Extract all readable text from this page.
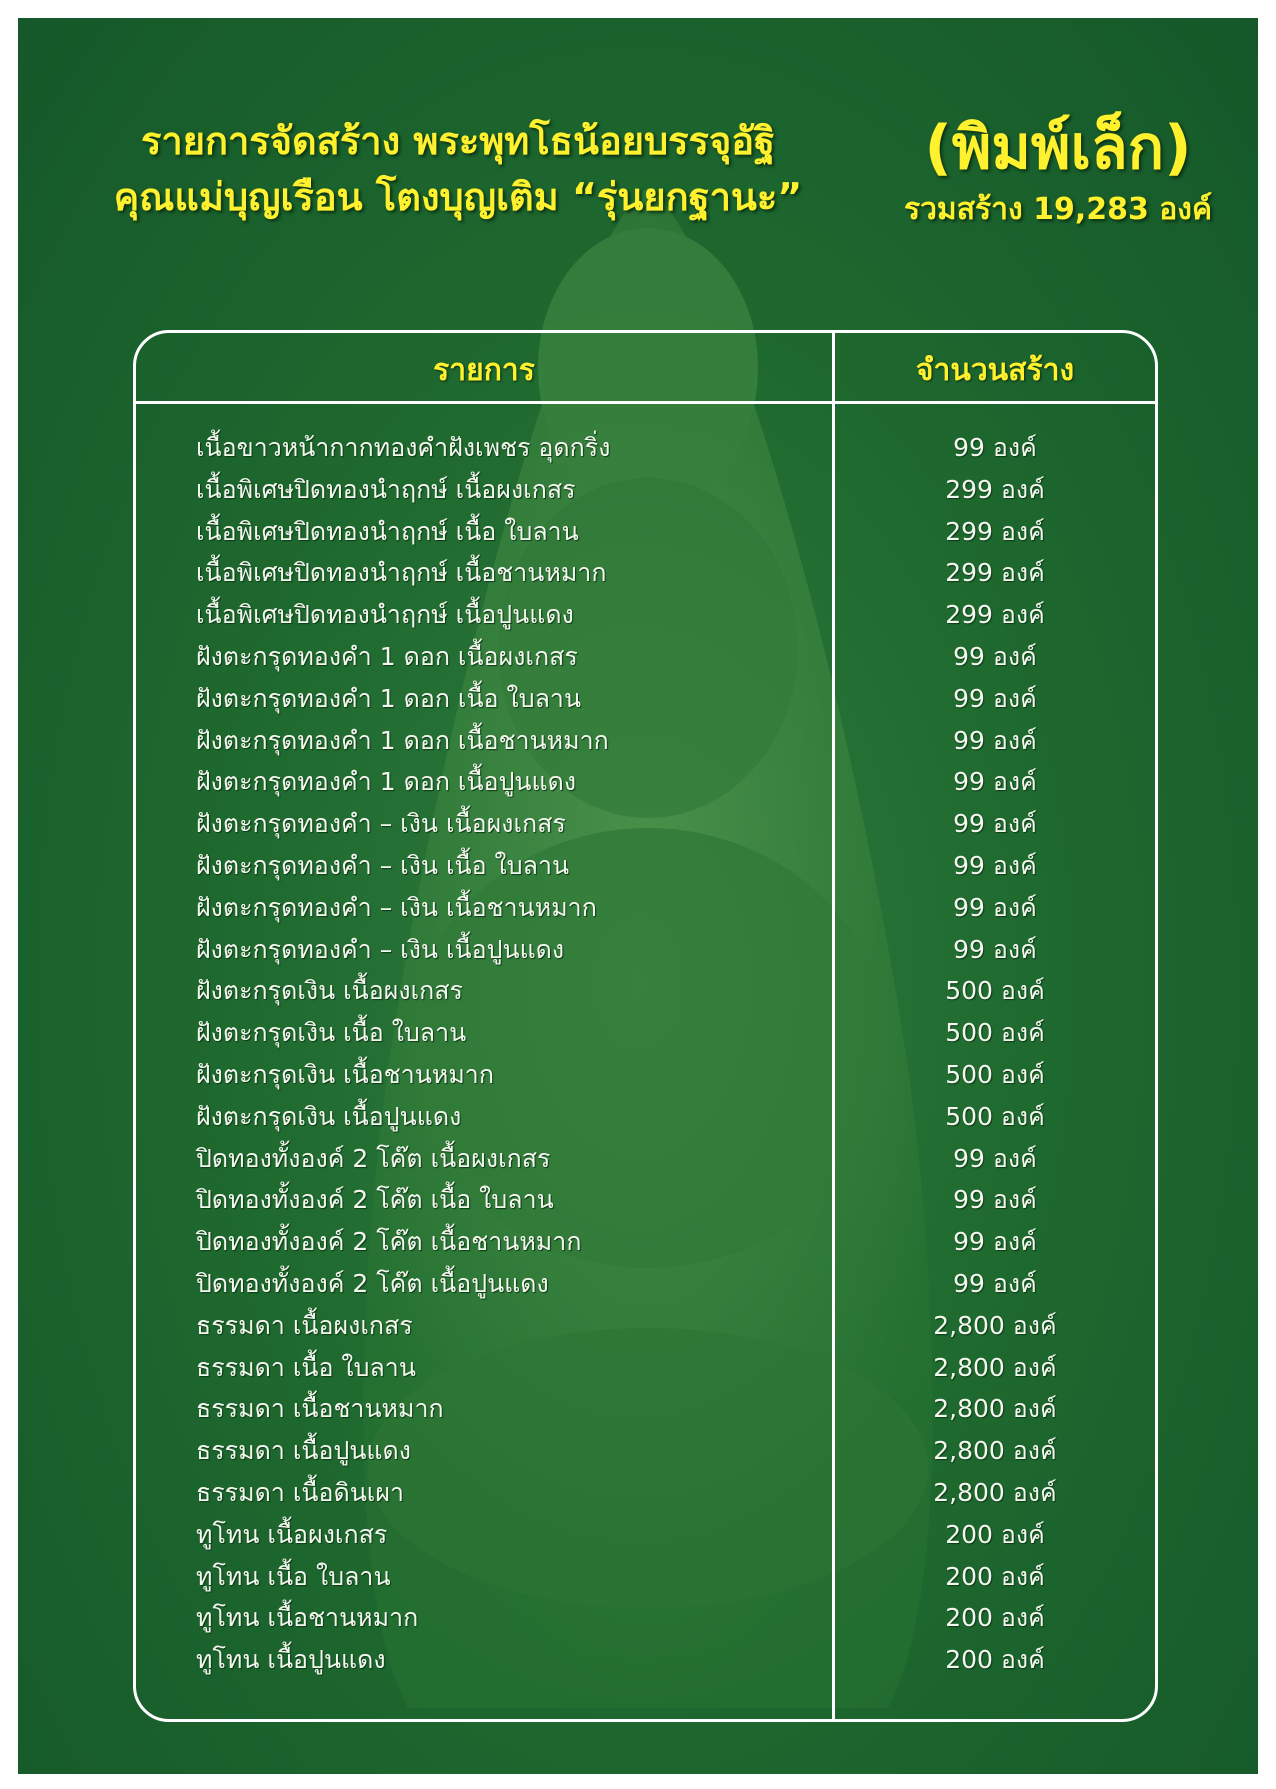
รายการจัดสร้าง พระพุทโธน้อยบรรจุอัฐิ
คุณแม่บุญเรือน โตงบุญเติม “รุ่นยกฐานะ”
(พิมพ์เล็ก)
รวมสร้าง 19,283 องค์
รายการ	จำนวนสร้าง
เนื้อขาวหน้ากากทองคำฝังเพชร อุดกริ่ง	99 องค์
เนื้อพิเศษปิดทองนำฤกษ์ เนื้อผงเกสร	299 องค์
เนื้อพิเศษปิดทองนำฤกษ์ เนื้อ ใบลาน	299 องค์
เนื้อพิเศษปิดทองนำฤกษ์ เนื้อชานหมาก	299 องค์
เนื้อพิเศษปิดทองนำฤกษ์ เนื้อปูนแดง	299 องค์
ฝังตะกรุดทองคำ 1 ดอก เนื้อผงเกสร	99 องค์
ฝังตะกรุดทองคำ 1 ดอก เนื้อ ใบลาน	99 องค์
ฝังตะกรุดทองคำ 1 ดอก เนื้อชานหมาก	99 องค์
ฝังตะกรุดทองคำ 1 ดอก เนื้อปูนแดง	99 องค์
ฝังตะกรุดทองคำ – เงิน เนื้อผงเกสร	99 องค์
ฝังตะกรุดทองคำ – เงิน เนื้อ ใบลาน	99 องค์
ฝังตะกรุดทองคำ – เงิน เนื้อชานหมาก	99 องค์
ฝังตะกรุดทองคำ – เงิน เนื้อปูนแดง	99 องค์
ฝังตะกรุดเงิน เนื้อผงเกสร	500 องค์
ฝังตะกรุดเงิน เนื้อ ใบลาน	500 องค์
ฝังตะกรุดเงิน เนื้อชานหมาก	500 องค์
ฝังตะกรุดเงิน เนื้อปูนแดง	500 องค์
ปิดทองทั้งองค์ 2 โค๊ต เนื้อผงเกสร	99 องค์
ปิดทองทั้งองค์ 2 โค๊ต เนื้อ ใบลาน	99 องค์
ปิดทองทั้งองค์ 2 โค๊ต เนื้อชานหมาก	99 องค์
ปิดทองทั้งองค์ 2 โค๊ต เนื้อปูนแดง	99 องค์
ธรรมดา เนื้อผงเกสร	2,800 องค์
ธรรมดา เนื้อ ใบลาน	2,800 องค์
ธรรมดา เนื้อชานหมาก	2,800 องค์
ธรรมดา เนื้อปูนแดง	2,800 องค์
ธรรมดา เนื้อดินเผา	2,800 องค์
ทูโทน เนื้อผงเกสร	200 องค์
ทูโทน เนื้อ ใบลาน	200 องค์
ทูโทน เนื้อชานหมาก	200 องค์
ทูโทน เนื้อปูนแดง	200 องค์
